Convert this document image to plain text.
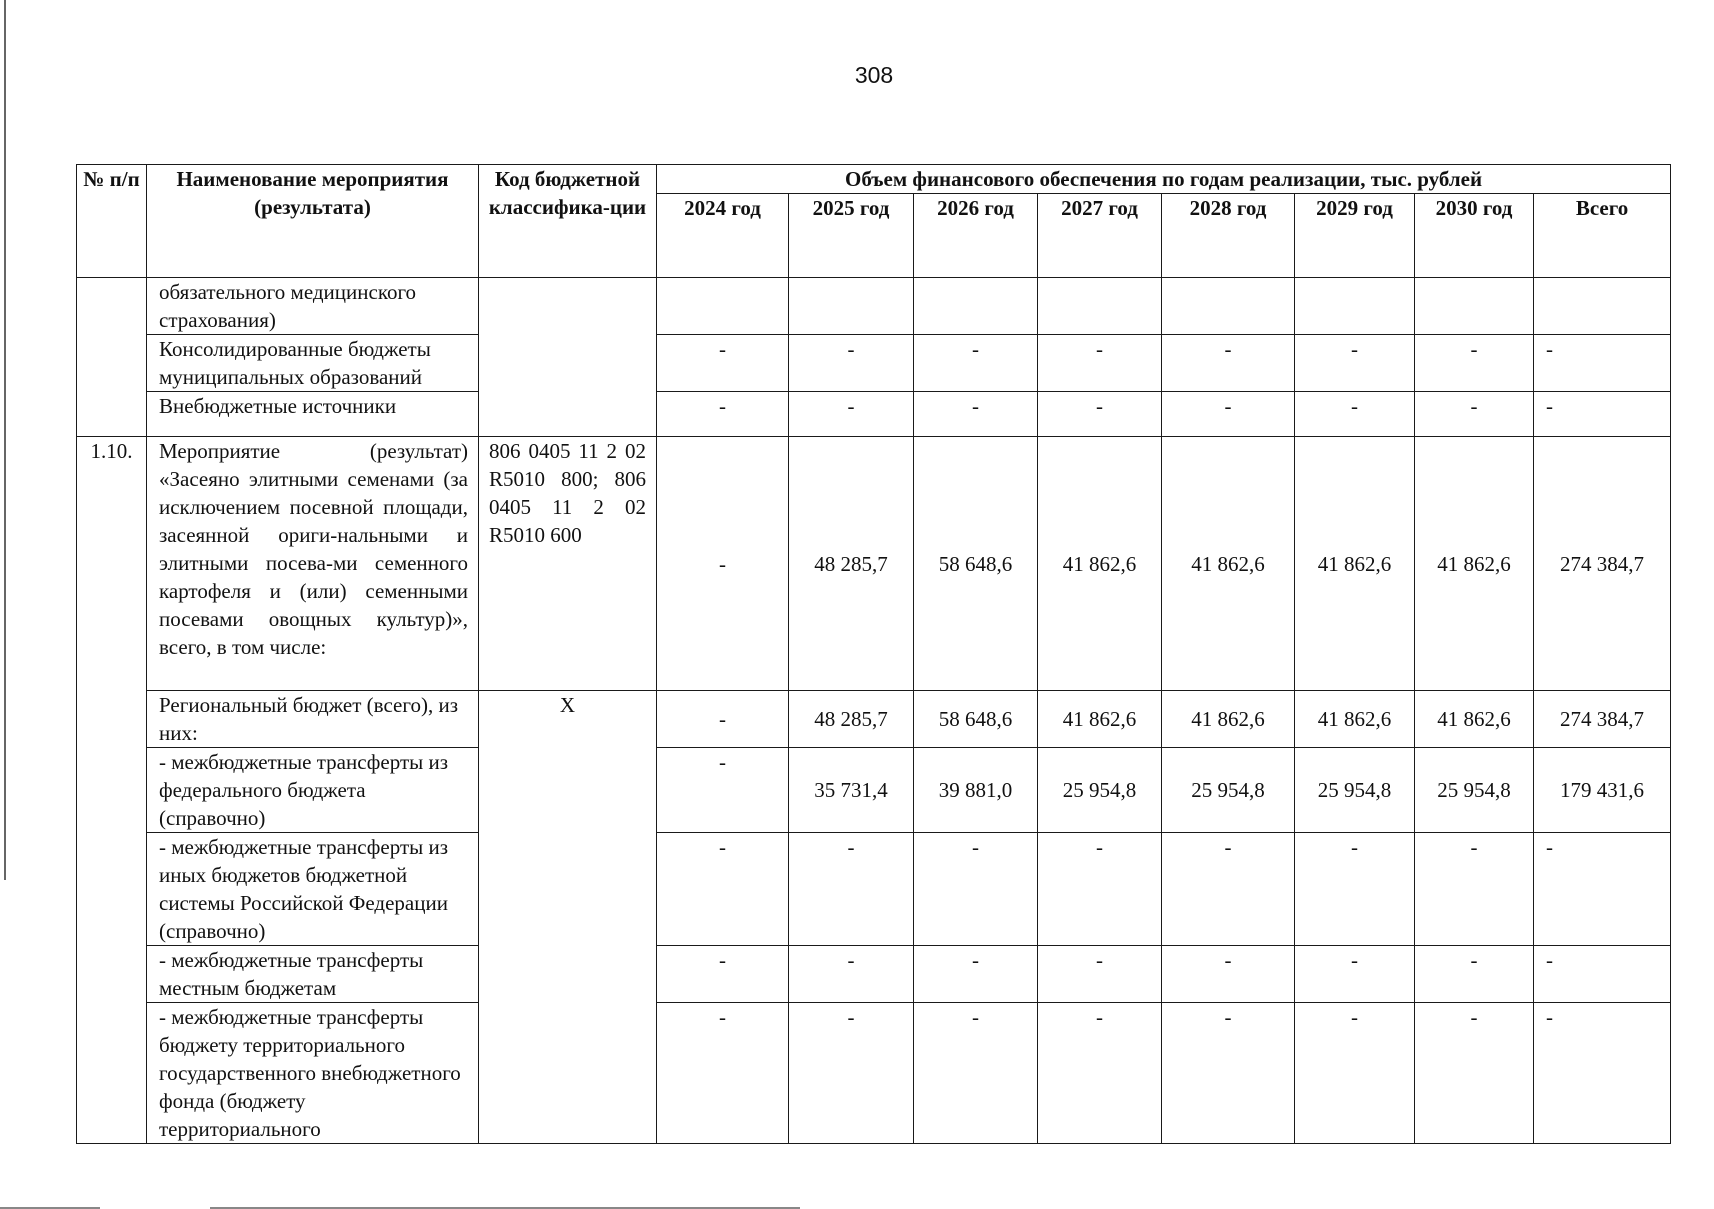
308
№ п/п	Наименование мероприятия (результата)	Код бюджетной классифика-ции	Объем финансового обеспечения по годам реализации, тыс. рублей							
			2024 год	2025 год	2026 год	2027 год	2028 год	2029 год	2030 год	Всего
	обязательного медицинского страхования)									
	Консолидированные бюджеты муниципальных образований		-	-	-	-	-	-	-	-
	Внебюджетные источники		-	-	-	-	-	-	-	-
1.10.	Мероприятие (результат) «Засеяно элитными семенами (за исключением посевной площади, засеянной ориги-нальными и элитными посева-ми семенного картофеля и (или) семенными посевами овощных культур)», всего, в том числе:	806 0405 11 2 02 R5010 800; 806 0405 11 2 02 R5010 600	-	48 285,7	58 648,6	41 862,6	41 862,6	41 862,6	41 862,6	274 384,7
	Региональный бюджет (всего), из них:	X	-	48 285,7	58 648,6	41 862,6	41 862,6	41 862,6	41 862,6	274 384,7
	- межбюджетные трансферты из федерального бюджета (справочно)		-	35 731,4	39 881,0	25 954,8	25 954,8	25 954,8	25 954,8	179 431,6
	- межбюджетные трансферты из иных бюджетов бюджетной системы Российской Федерации (справочно)		-	-	-	-	-	-	-	-
	- межбюджетные трансферты местным бюджетам		-	-	-	-	-	-	-	-
	- межбюджетные трансферты бюджету территориального государственного внебюджетного фонда (бюджету территориального		-	-	-	-	-	-	-	-
